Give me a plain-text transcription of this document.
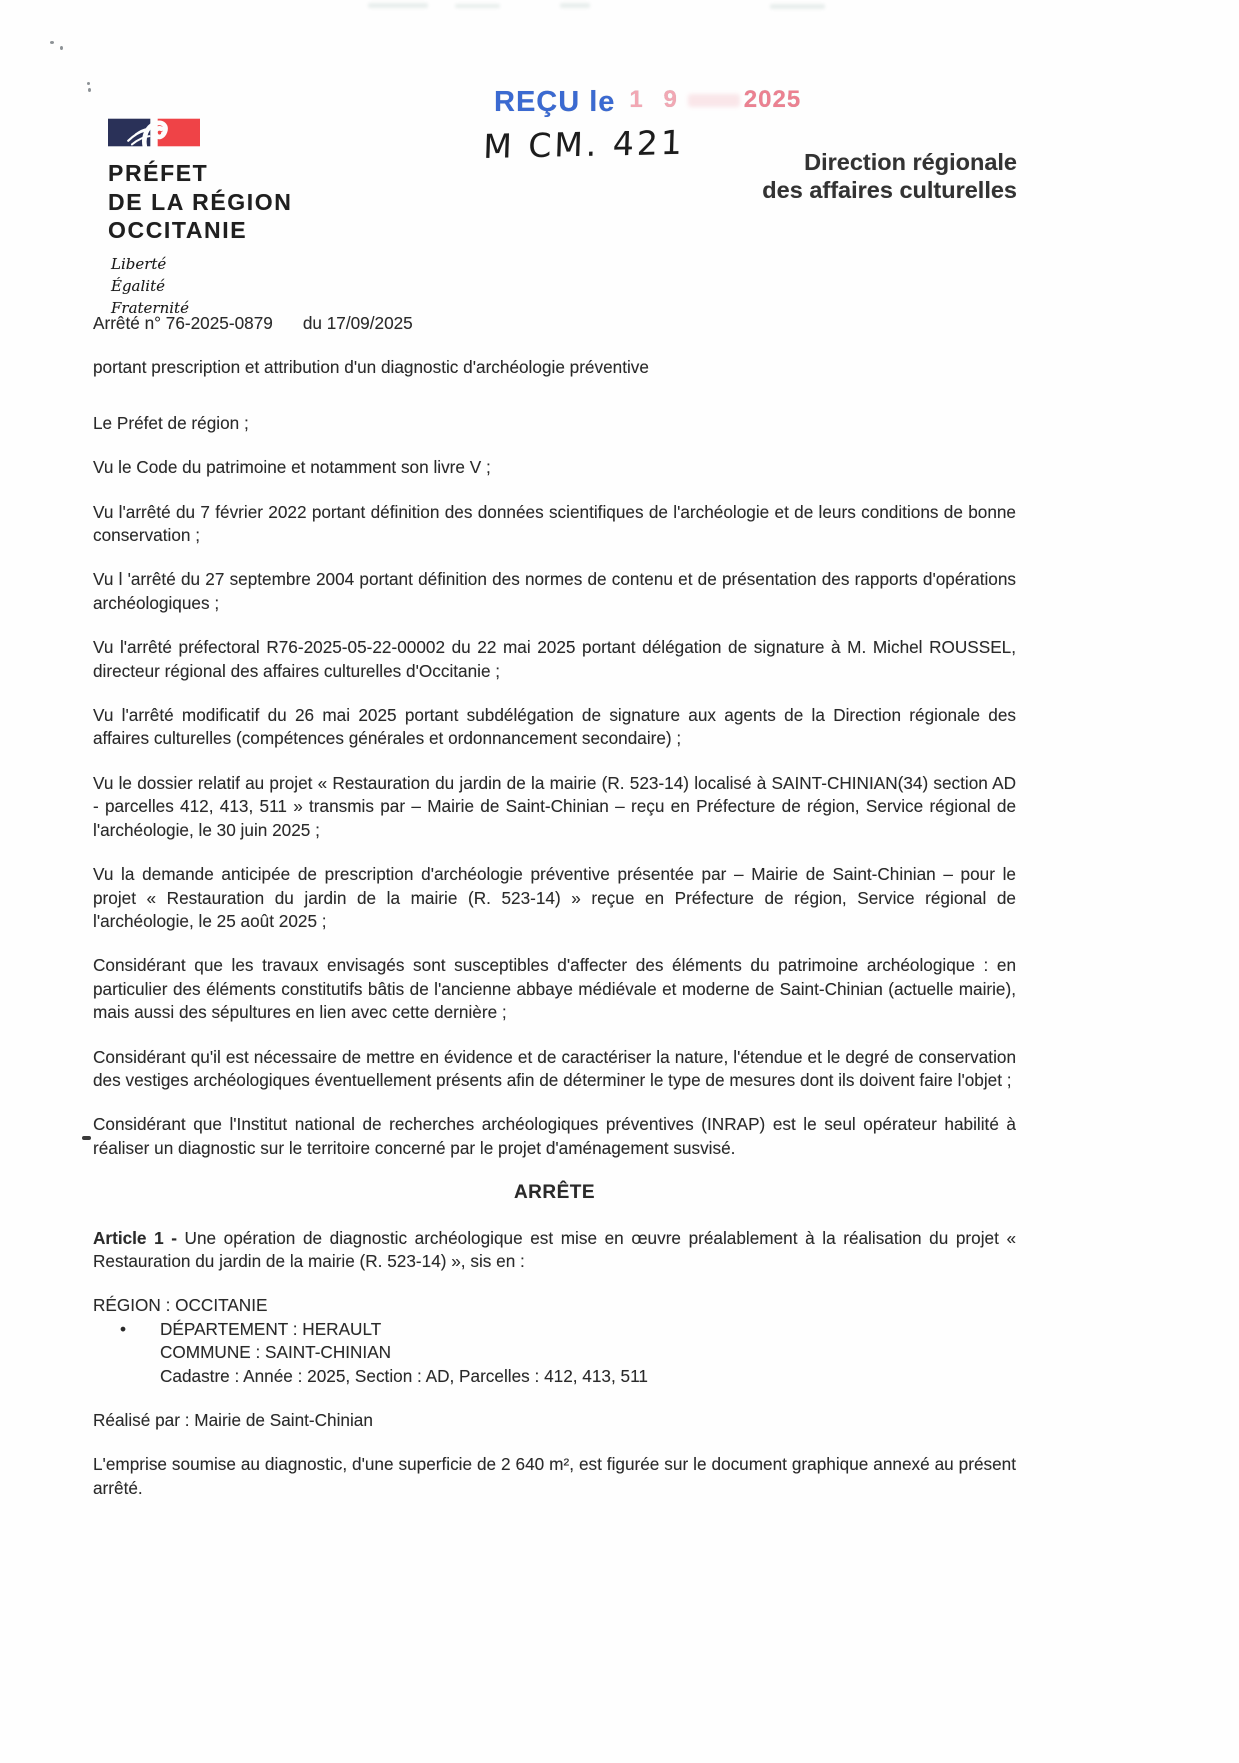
PRÉFET
DE LA RÉGION
OCCITANIE
Liberté
Égalité
Fraternité
REÇU le 1 9	2025
M CM. 421	Direction régionale
des affaires culturelles

Arrêté n° 76-2025-0879 du 17/09/2025

portant prescription et attribution d'un diagnostic d'archéologie préventive

Le Préfet de région ;

Vu le Code du patrimoine et notamment son livre V ;

Vu l'arrêté du 7 février 2022 portant définition des données scientifiques de l'archéologie et de leurs conditions de bonne conservation ;

Vu l 'arrêté du 27 septembre 2004 portant définition des normes de contenu et de présentation des rapports d'opérations archéologiques ;

Vu l'arrêté préfectoral R76-2025-05-22-00002 du 22 mai 2025 portant délégation de signature à M. Michel ROUSSEL, directeur régional des affaires culturelles d'Occitanie ;

Vu l'arrêté modificatif du 26 mai 2025 portant subdélégation de signature aux agents de la Direction régionale des affaires culturelles (compétences générales et ordonnancement secondaire) ;

Vu le dossier relatif au projet « Restauration du jardin de la mairie (R. 523-14) localisé à SAINT-CHINIAN(34) section AD - parcelles 412, 413, 511 » transmis par – Mairie de Saint-Chinian – reçu en Préfecture de région, Service régional de l'archéologie, le 30 juin 2025 ;

Vu la demande anticipée de prescription d'archéologie préventive présentée par – Mairie de Saint-Chinian – pour le projet « Restauration du jardin de la mairie (R. 523-14) » reçue en Préfecture de région, Service régional de l'archéologie, le 25 août 2025 ;

Considérant que les travaux envisagés sont susceptibles d'affecter des éléments du patrimoine archéologique : en particulier des éléments constitutifs bâtis de l'ancienne abbaye médiévale et moderne de Saint-Chinian (actuelle mairie), mais aussi des sépultures en lien avec cette dernière ;

Considérant qu'il est nécessaire de mettre en évidence et de caractériser la nature, l'étendue et le degré de conservation des vestiges archéologiques éventuellement présents afin de déterminer le type de mesures dont ils doivent faire l'objet ;

Considérant que l'Institut national de recherches archéologiques préventives (INRAP) est le seul opérateur habilité à réaliser un diagnostic sur le territoire concerné par le projet d'aménagement susvisé.

ARRÊTE

Article 1 - Une opération de diagnostic archéologique est mise en œuvre préalablement à la réalisation du projet « Restauration du jardin de la mairie (R. 523-14) », sis en :

RÉGION : OCCITANIE
• DÉPARTEMENT : HERAULT
COMMUNE : SAINT-CHINIAN
Cadastre : Année : 2025, Section : AD, Parcelles : 412, 413, 511

Réalisé par : Mairie de Saint-Chinian

L'emprise soumise au diagnostic, d'une superficie de 2 640 m², est figurée sur le document graphique annexé au présent arrêté.
